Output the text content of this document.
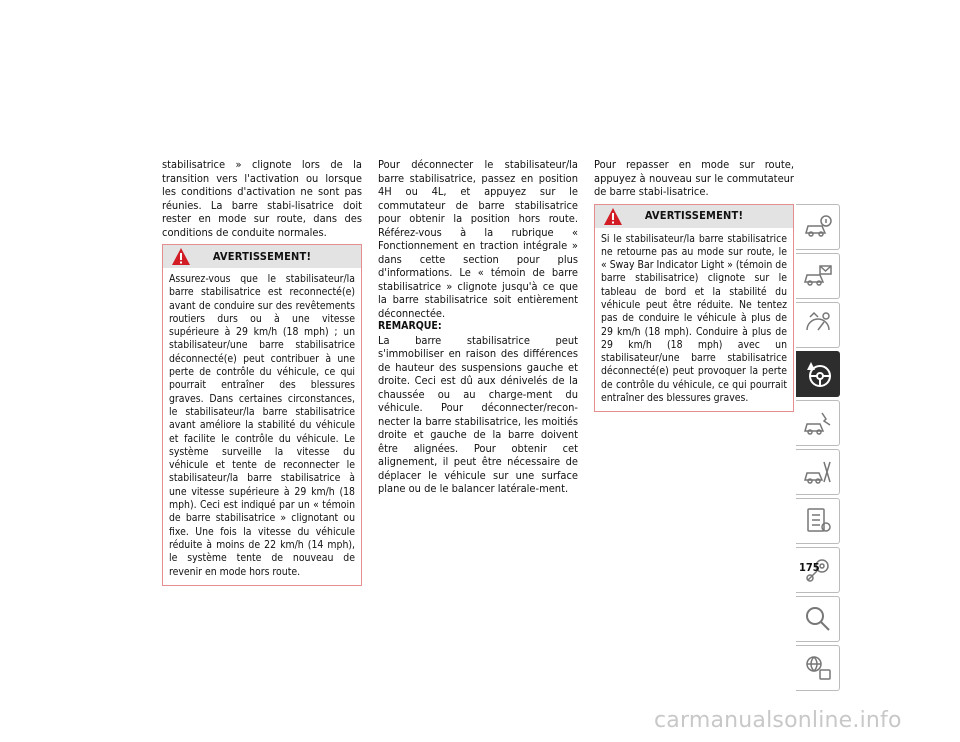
stabilisatrice » clignote lors de la transition vers l'activation ou lorsque les conditions d'activation ne sont pas réunies. La barre stabi-lisatrice doit rester en mode sur route, dans des conditions de conduite normales.

AVERTISSEMENT!
Assurez-vous que le stabilisateur/la barre stabilisatrice est reconnecté(e) avant de conduire sur des revêtements routiers durs ou à une vitesse supérieure à 29 km/h (18 mph) ; un stabilisateur/une barre stabilisatrice déconnecté(e) peut contribuer à une perte de contrôle du véhicule, ce qui pourrait entraîner des blessures graves. Dans certaines circonstances, le stabilisateur/la barre stabilisatrice avant améliore la stabilité du véhicule et facilite le contrôle du véhicule. Le système surveille la vitesse du véhicule et tente de reconnecter le stabilisateur/la barre stabilisatrice à une vitesse supérieure à 29 km/h (18 mph). Ceci est indiqué par un « témoin de barre stabilisatrice » clignotant ou fixe. Une fois la vitesse du véhicule réduite à moins de 22 km/h (14 mph), le système tente de nouveau de revenir en mode hors route.

Pour déconnecter le stabilisateur/la barre stabilisatrice, passez en position 4H ou 4L, et appuyez sur le commutateur de barre stabilisatrice pour obtenir la position hors route. Référez-vous à la rubrique « Fonctionnement en traction intégrale » dans cette section pour plus d'informations. Le « témoin de barre stabilisatrice » clignote jusqu'à ce que la barre stabilisatrice soit entièrement déconnectée.

REMARQUE:

La barre stabilisatrice peut s'immobiliser en raison des différences de hauteur des suspensions gauche et droite. Ceci est dû aux dénivelés de la chaussée ou au charge-ment du véhicule. Pour déconnecter/recon-necter la barre stabilisatrice, les moitiés droite et gauche de la barre doivent être alignées. Pour obtenir cet alignement, il peut être nécessaire de déplacer le véhicule sur une surface plane ou de le balancer latérale-ment.

Pour repasser en mode sur route, appuyez à nouveau sur le commutateur de barre stabi-lisatrice.

AVERTISSEMENT!
Si le stabilisateur/la barre stabilisatrice ne retourne pas au mode sur route, le « Sway Bar Indicator Light » (témoin de barre stabilisatrice) clignote sur le tableau de bord et la stabilité du véhicule peut être réduite. Ne tentez pas de conduire le véhicule à plus de 29 km/h (18 mph). Conduire à plus de 29 km/h (18 mph) avec un stabilisateur/une barre stabilisatrice déconnecté(e) peut provoquer la perte de contrôle du véhicule, ce qui pourrait entraîner des blessures graves.
175
carmanualsonline.info
